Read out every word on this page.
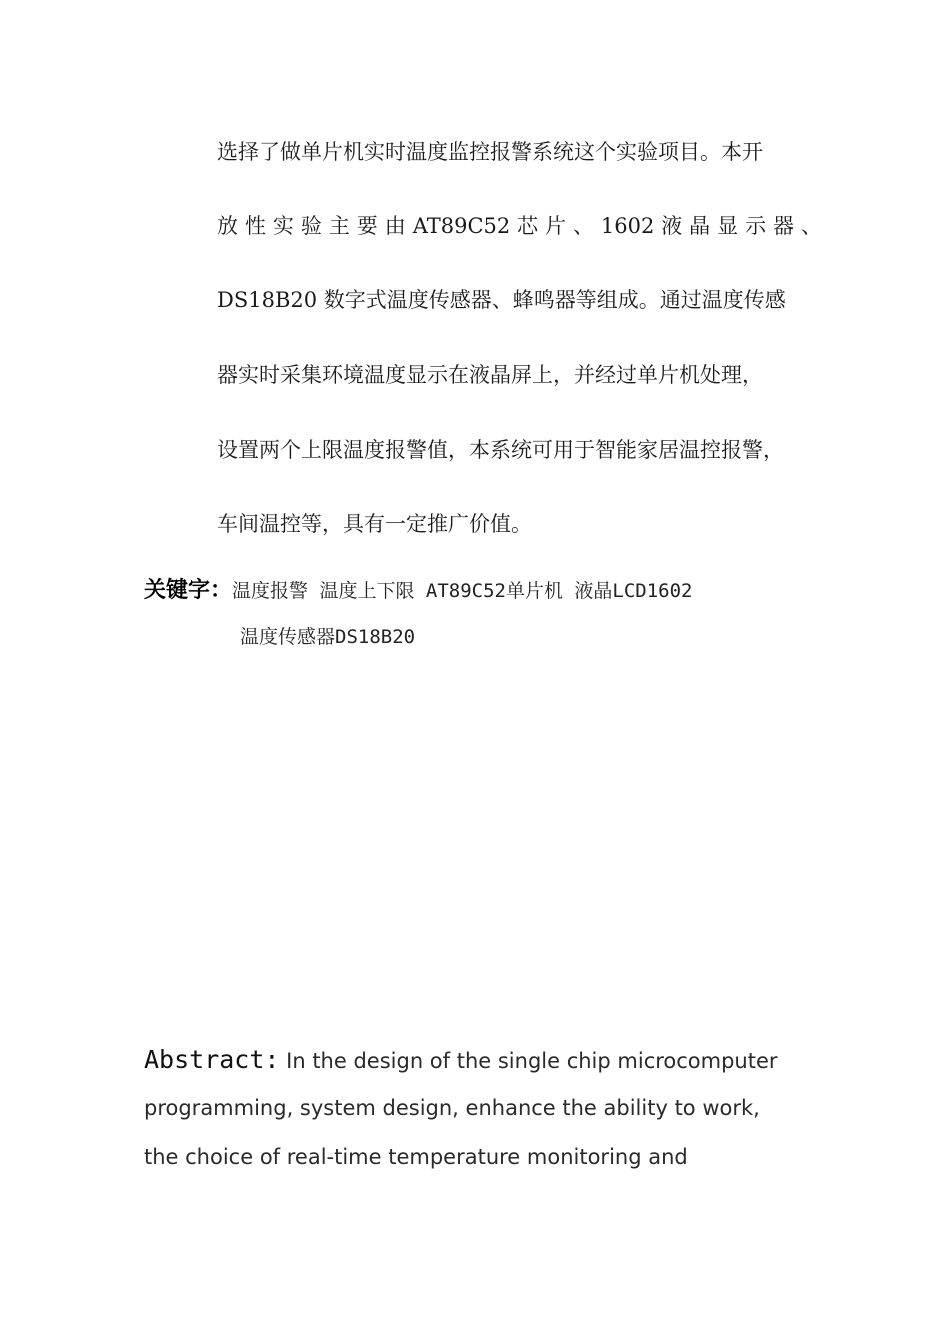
选择了做单片机实时温度监控报警系统这个实验项目。本开
放 性 实 验 主 要 由 AT89C52 芯 片 、 1602 液 晶 显 示 器 、
DS18B20 数字式温度传感器、蜂鸣器等组成。通过温度传感
器实时采集环境温度显示在液晶屏上，并经过单片机处理，
设置两个上限温度报警值，本系统可用于智能家居温控报警，
车间温控等，具有一定推广价值。
关键字：温度报警 温度上下限 AT89C52单片机 液晶LCD1602
温度传感器DS18B20
Abstract: In the design of the single chip microcomputer
programming, system design, enhance the ability to work,
the choice of real-time temperature monitoring and
